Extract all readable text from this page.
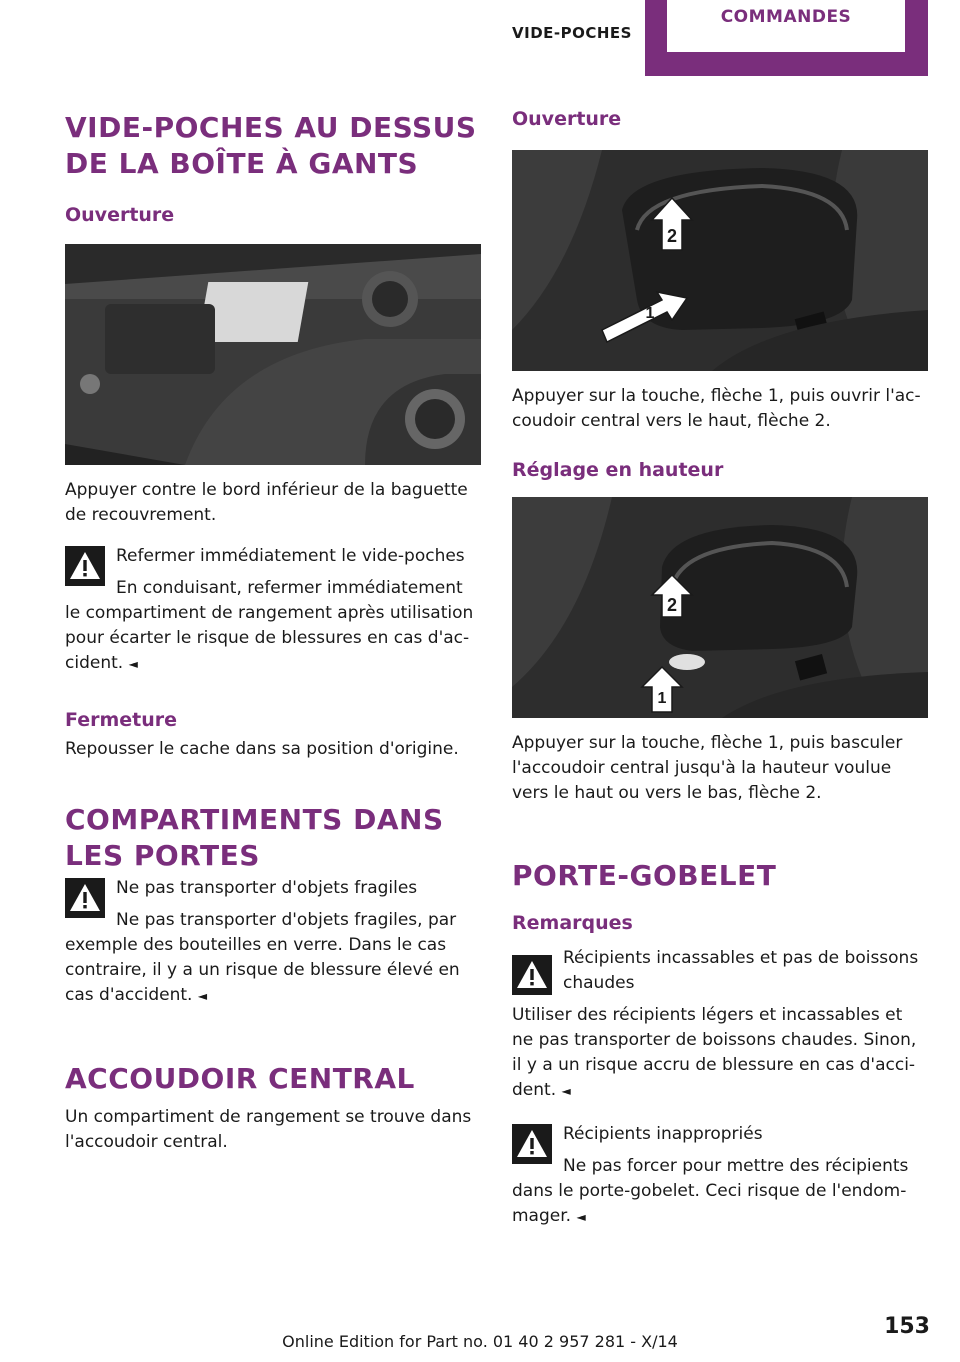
VIDE-POCHES
COMMANDES
VIDE-POCHES AU DESSUS DE LA BOÎTE À GANTS
Ouverture

Appuyer contre le bord inférieur de la baguette de recouvrement.

Refermer immédiatement le vide-poches
En conduisant, refermer immédiatement
le compartiment de rangement après utilisation pour écarter le risque de blessures en cas d'ac-cident. ◄
Fermeture

Repousser le cache dans sa position d'origine.

COMPARTIMENTS DANS LES PORTES
Ne pas transporter d'objets fragiles
Ne pas transporter d'objets fragiles, par
exemple des bouteilles en verre. Dans le cas contraire, il y a un risque de blessure élevé en cas d'accident. ◄
ACCOUDOIR CENTRAL

Un compartiment de rangement se trouve dans l'accoudoir central.

Ouverture
2
1

Appuyer sur la touche, flèche 1, puis ouvrir l'ac-coudoir central vers le haut, flèche 2.

Réglage en hauteur
2
1

Appuyer sur la touche, flèche 1, puis basculer l'accoudoir central jusqu'à la hauteur voulue vers le haut ou vers le bas, flèche 2.

PORTE-GOBELET
Remarques
Récipients incassables et pas de boissons chaudes
Utiliser des récipients légers et incassables et ne pas transporter de boissons chaudes. Sinon, il y a un risque accru de blessure en cas d'acci-dent. ◄
Récipients inappropriés
Ne pas forcer pour mettre des récipients
dans le porte-gobelet. Ceci risque de l'endom-mager. ◄
153
Online Edition for Part no. 01 40 2 957 281 - X/14
